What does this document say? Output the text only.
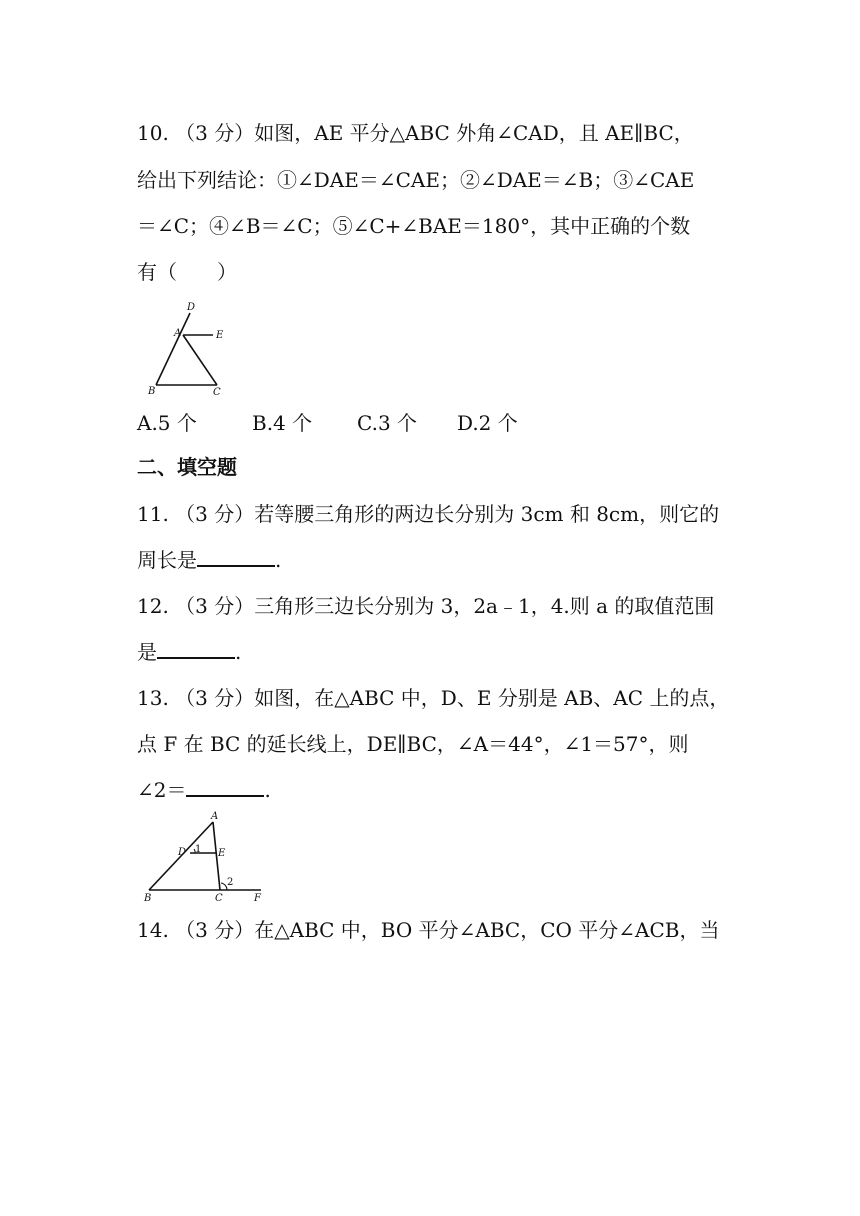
10. （3 分）如图，AE 平分△ABC 外角∠CAD，且 AE∥BC，
给出下列结论：①∠DAE＝∠CAE；②∠DAE＝∠B；③∠CAE
＝∠C；④∠B＝∠C；⑤∠C+∠BAE＝180°，其中正确的个数
有（　　）
D
A	E
B	C
A.5 个	B.4 个 C.3 个 D.2 个
二、填空题
11. （3 分）若等腰三角形的两边长分别为 3cm 和 8cm，则它的
周长是	.
12. （3 分）三角形三边长分别为 3，2a﹣1，4.则 a 的取值范围
是	.
13. （3 分）如图，在△ABC 中，D、E 分别是 AB、AC 上的点，
点 F 在 BC 的延长线上，DE∥BC，∠A＝44°，∠1＝57°，则
∠2＝	.
A
D 1 E
B	C
2
F
14. （3 分）在△ABC 中，BO 平分∠ABC，CO 平分∠ACB，当
